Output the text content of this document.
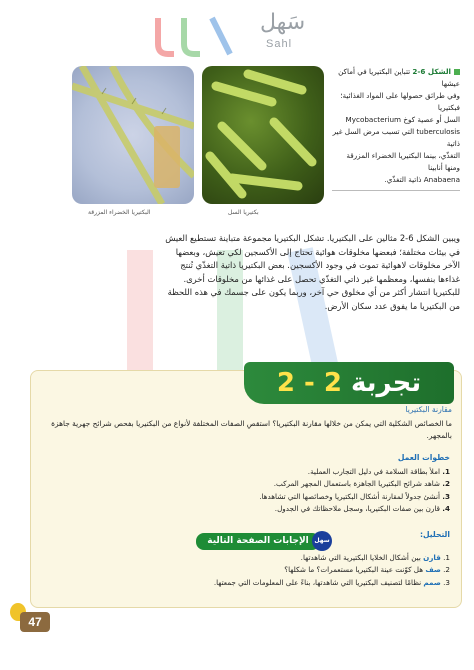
سَهل
Sahl
الشكل 6-2 تتباين البكتيريا في أماكن عيشها
وفي طرائق حصولها على المواد الغذائية؛ فبكتيريا
السل أو عصية كوخ Mycobacterium
tuberculosis التي تسبب مرض السل غير ذاتية
التغذّي، بينما البكتيريا الخضراء المزرقة ومنها أنابينا
Anabaena ذاتية التغذّي.
بكتيريا السل
البكتيريا الخضراء المزرقة
ويبين الشكل 6-2 مثالين على البكتيريا. تشكل البكتيريا مجموعة متباينة تستطيع العيش
في بيئات مختلفة؛ فبعضها مخلوقات هوائية تحتاج إلى الأكسجين لكي تعيش، وبعضها
الآخر مخلوقات لاهوائية تموت في وجود الأكسجين. بعض البكتيريا ذاتية التغذّي تُنتج
غذاءها بنفسها، ومعظمها غير ذاتي التغذّي تحصل على غذائها من مخلوقات أخرى.
للبكتيريا انتشار أكثر من أي مخلوق حي آخر، وربما يكون على جسمك في هذه اللحظة
من البكتيريا ما يفوق عدد سكان الأرض.
تجربة 2 - 2
مقارنة البكتيريا
ما الخصائص الشكلية التي يمكن من خلالها مقارنة البكتيريا؟ استقصِ الصفات المختلفة لأنواع من البكتيريا بفحص شرائح جهرية جاهزة بالمجهر.
خطوات العمل
1. املأ بطاقة السلامة في دليل التجارب العملية.
2. شاهد شرائح البكتيريا الجاهزة باستعمال المجهر المركب.
3. أنشئ جدولاً لمقارنة أشكال البكتيريا وخصائصها التي تشاهدها.
4. قارن بين صفات البكتيريا، وسجل ملاحظاتك في الجدول.
التحليل:
الإجابات الصفحة التالية سهل
1. قارن بين أشكال الخلايا البكتيرية التي شاهدتها.
2. صف هل كوّنت عينة البكتيريا مستعمرات؟ ما شكلها؟
3. صمم نظامًا لتصنيف البكتيريا التي شاهدتها، بناءً على المعلومات التي جمعتها.
47
